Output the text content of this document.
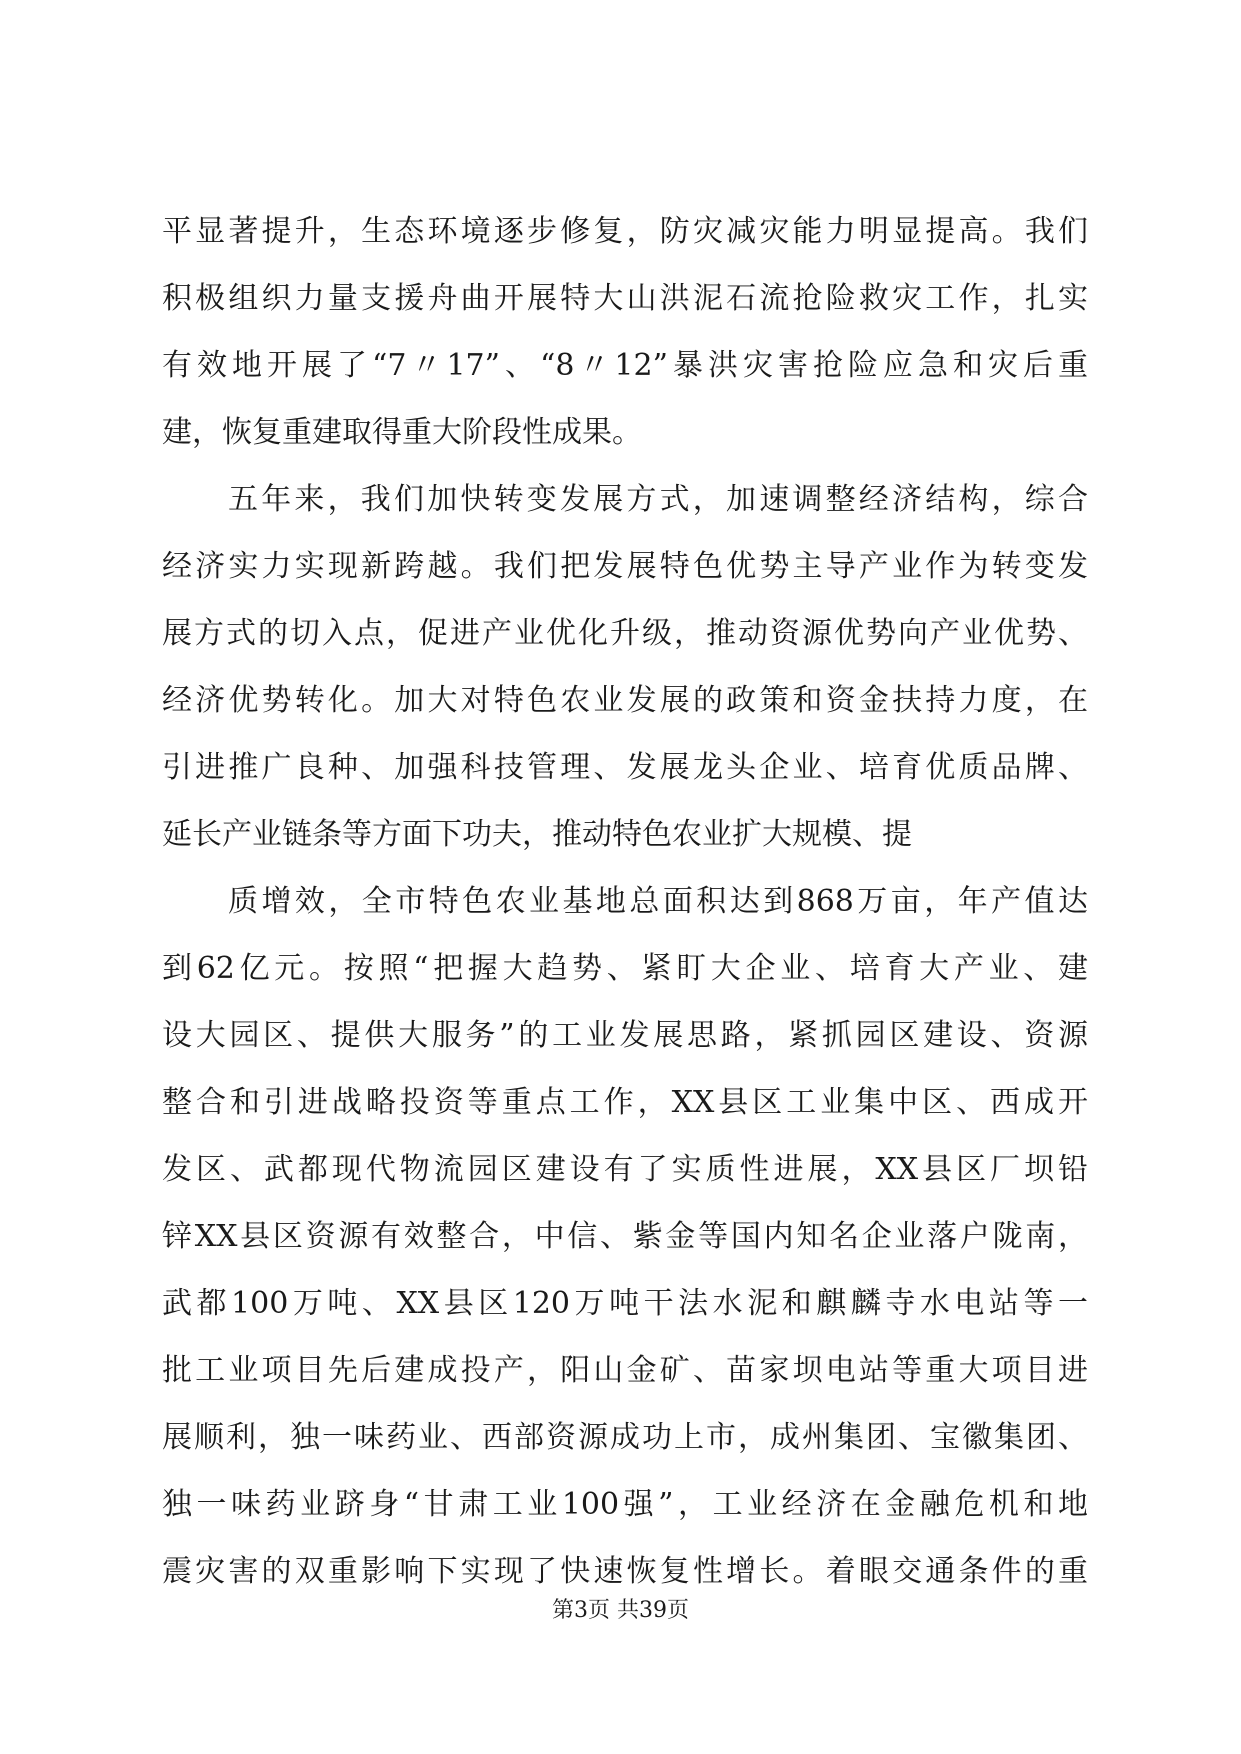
平显著提升，生态环境逐步修复，防灾减灾能力明显提高。我们
积极组织力量支援舟曲开展特大山洪泥石流抢险救灾工作，扎实
有效地开展了“7〃17”、“8〃12”暴洪灾害抢险应急和灾后重
建，恢复重建取得重大阶段性成果。
五年来，我们加快转变发展方式，加速调整经济结构，综合
经济实力实现新跨越。我们把发展特色优势主导产业作为转变发
展方式的切入点，促进产业优化升级，推动资源优势向产业优势、
经济优势转化。加大对特色农业发展的政策和资金扶持力度，在
引进推广良种、加强科技管理、发展龙头企业、培育优质品牌、
延长产业链条等方面下功夫，推动特色农业扩大规模、提
质增效，全市特色农业基地总面积达到868万亩，年产值达
到62亿元。按照“把握大趋势、紧盯大企业、培育大产业、建
设大园区、提供大服务”的工业发展思路，紧抓园区建设、资源
整合和引进战略投资等重点工作，XX县区工业集中区、西成开
发区、武都现代物流园区建设有了实质性进展，XX县区厂坝铅
锌XX县区资源有效整合，中信、紫金等国内知名企业落户陇南，
武都100万吨、XX县区120万吨干法水泥和麒麟寺水电站等一
批工业项目先后建成投产，阳山金矿、苗家坝电站等重大项目进
展顺利，独一味药业、西部资源成功上市，成州集团、宝徽集团、
独一味药业跻身“甘肃工业100强”，工业经济在金融危机和地
震灾害的双重影响下实现了快速恢复性增长。着眼交通条件的重
第3页 共39页
